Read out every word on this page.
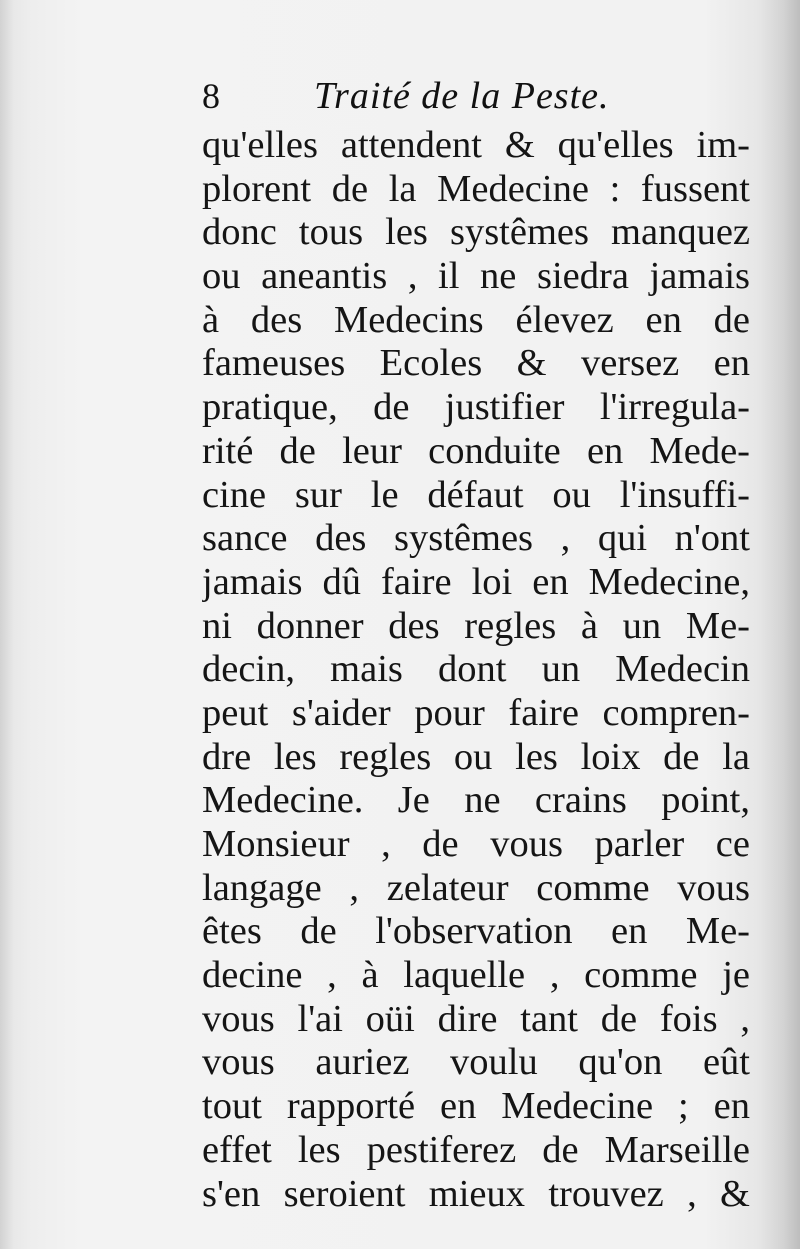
8 Traité de la Peste.
qu'elles attendent & qu'elles im-
plorent de la Medecine : fussent
donc tous les systêmes manquez
ou aneantis , il ne siedra jamais
à des Medecins élevez en de
fameuses Ecoles & versez en
pratique, de justifier l'irregula-
rité de leur conduite en Mede-
cine sur le défaut ou l'insuffi-
sance des systêmes , qui n'ont
jamais dû faire loi en Medecine,
ni donner des regles à un Me-
decin, mais dont un Medecin
peut s'aider pour faire compren-
dre les regles ou les loix de la
Medecine. Je ne crains point,
Monsieur , de vous parler ce
langage , zelateur comme vous
êtes de l'observation en Me-
decine , à laquelle , comme je
vous l'ai oüi dire tant de fois ,
vous auriez voulu qu'on eût
tout rapporté en Medecine ; en
effet les pestiferez de Marseille
s'en seroient mieux trouvez , &
